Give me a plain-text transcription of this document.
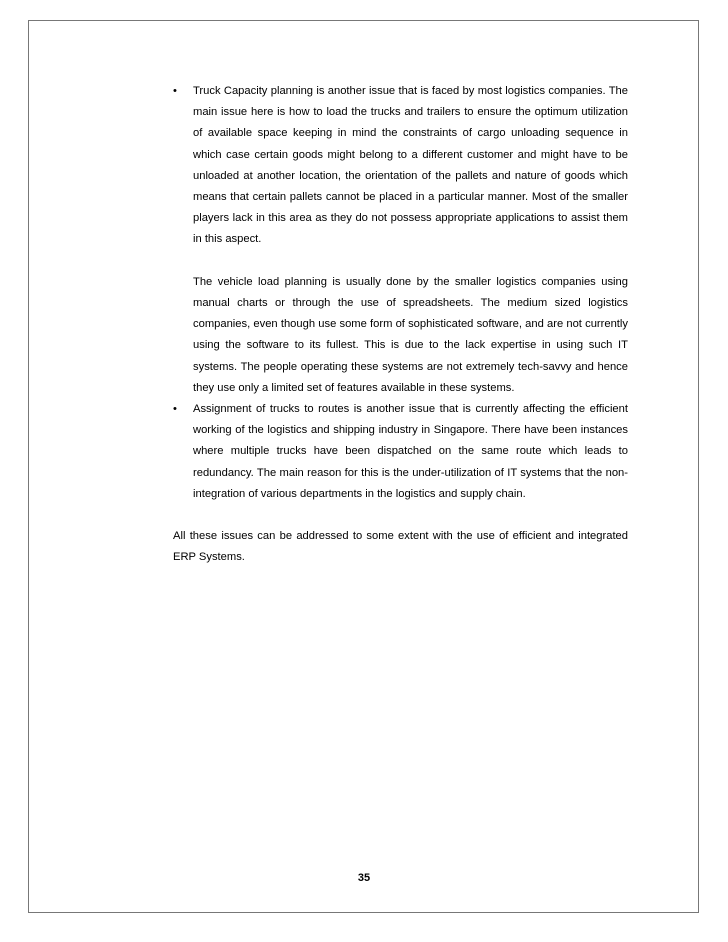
•	Truck Capacity planning is another issue that is faced by most logistics companies. The main issue here is how to load the trucks and trailers to ensure the optimum utilization of available space keeping in mind the constraints of cargo unloading sequence in which case certain goods might belong to a different customer and might have to be unloaded at another location, the orientation of the pallets and nature of goods which means that certain pallets cannot be placed in a particular manner. Most of the smaller players lack in this area as they do not possess appropriate applications to assist them in this aspect.

The vehicle load planning is usually done by the smaller logistics companies using manual charts or through the use of spreadsheets. The medium sized logistics companies, even though use some form of sophisticated software, and are not currently using the software to its fullest. This is due to the lack expertise in using such IT systems. The people operating these systems are not extremely tech-savvy and hence they use only a limited set of features available in these systems.

•	Assignment of trucks to routes is another issue that is currently affecting the efficient working of the logistics and shipping industry in Singapore. There have been instances where multiple trucks have been dispatched on the same route which leads to redundancy. The main reason for this is the under-utilization of IT systems that the non-integration of various departments in the logistics and supply chain.

All these issues can be addressed to some extent with the use of efficient and integrated ERP Systems.

35
